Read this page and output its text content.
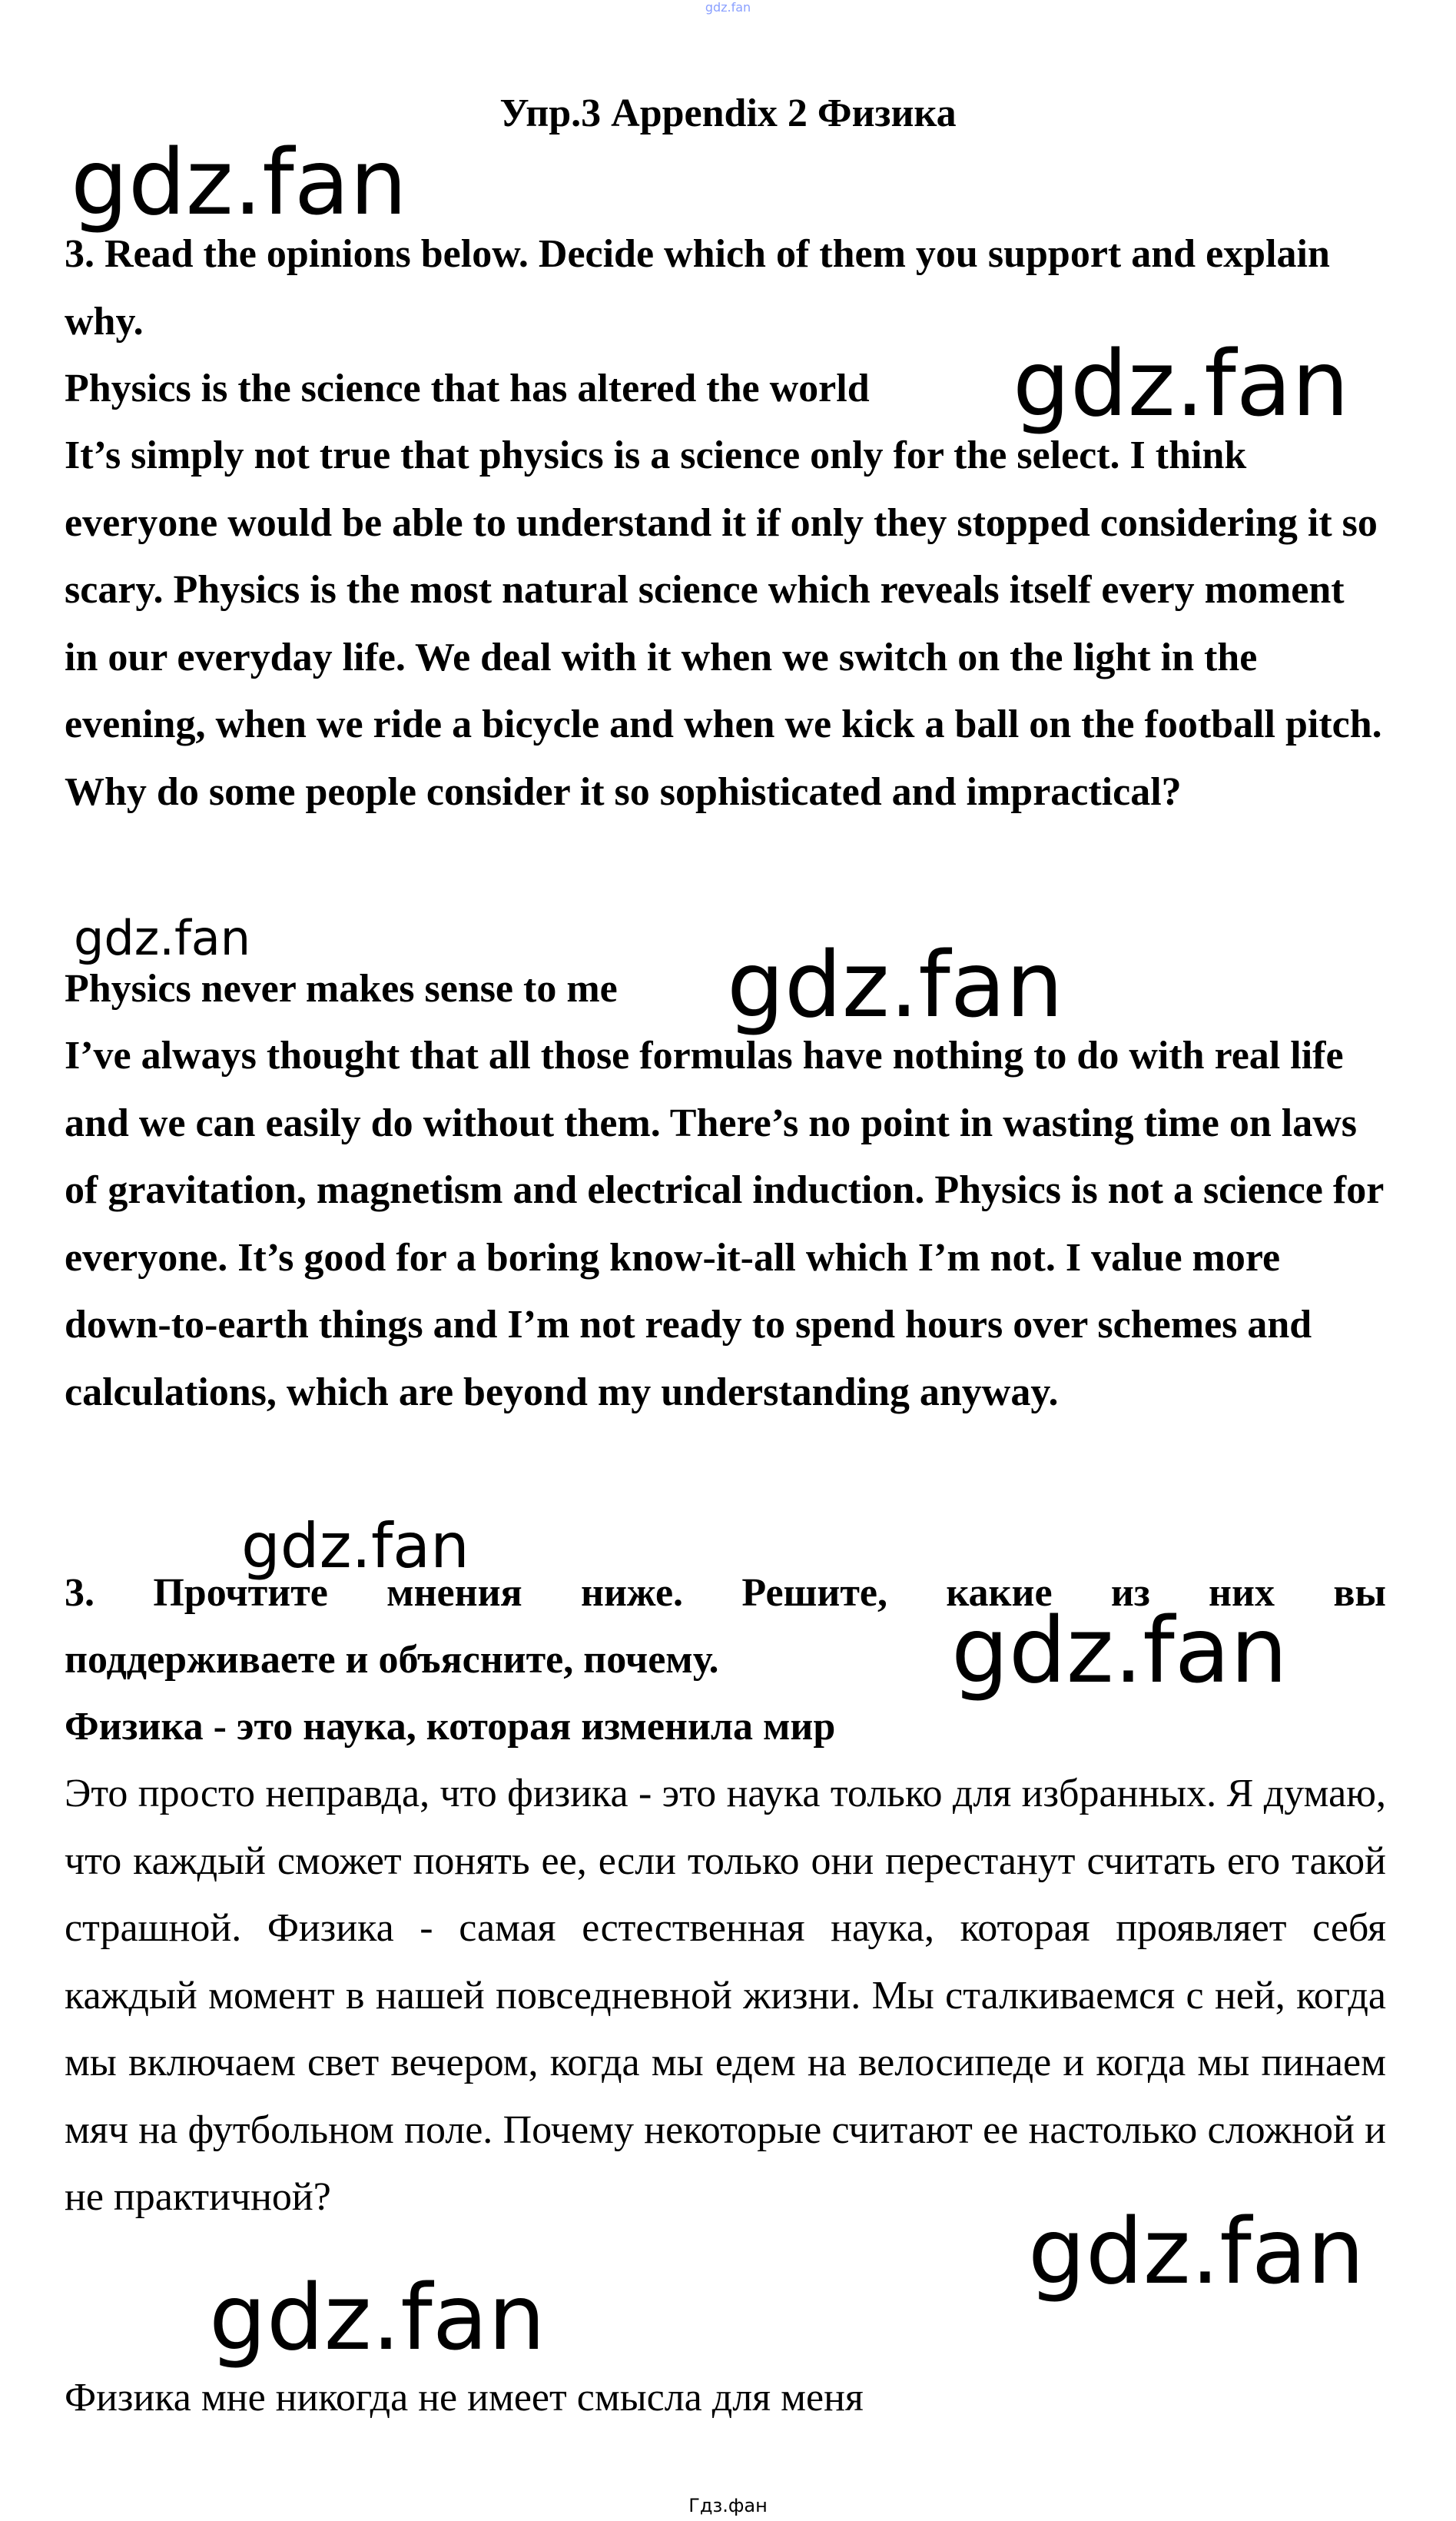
gdz.fan
Упр.3 Appendix 2 Физика
3. Read the opinions below. Decide which of them you support and explain why.
Physics is the science that has altered the world
It’s simply not true that physics is a science only for the select. I think everyone would be able to understand it if only they stopped considering it so scary. Physics is the most natural science which reveals itself every moment in our everyday life. We deal with it when we switch on the light in the evening, when we ride a bicycle and when we kick a ball on the football pitch. Why do some people consider it so sophisticated and impractical?
Physics never makes sense to me
I’ve always thought that all those formulas have nothing to do with real life and we can easily do without them. There’s no point in wasting time on laws of gravitation, magnetism and electrical induction. Physics is not a science for everyone. It’s good for a boring know-it-all which I’m not. I value more down-to-earth things and I’m not ready to spend hours over schemes and calculations, which are beyond my understanding anyway.
3. Прочтите мнения ниже. Решите, какие из них вы
поддерживаете и объясните, почему.
Физика - это наука, которая изменила мир
Это просто неправда, что физика - это наука только для избранных. Я думаю, что каждый сможет понять ее, если только они перестанут считать его такой страшной. Физика - самая естественная наука, которая проявляет себя каждый момент в нашей повседневной жизни. Мы сталкиваемся с ней, когда мы включаем свет вечером, когда мы едем на велосипеде и когда мы пинаем мяч на футбольном поле. Почему некоторые считают ее настолько сложной и не практичной?
Физика мне никогда не имеет смысла для меня
gdz.fan
gdz.fan
gdz.fan	gdz.fan
gdz.fan
gdz.fan
gdz.fan
gdz.fan
Гдз.фан
